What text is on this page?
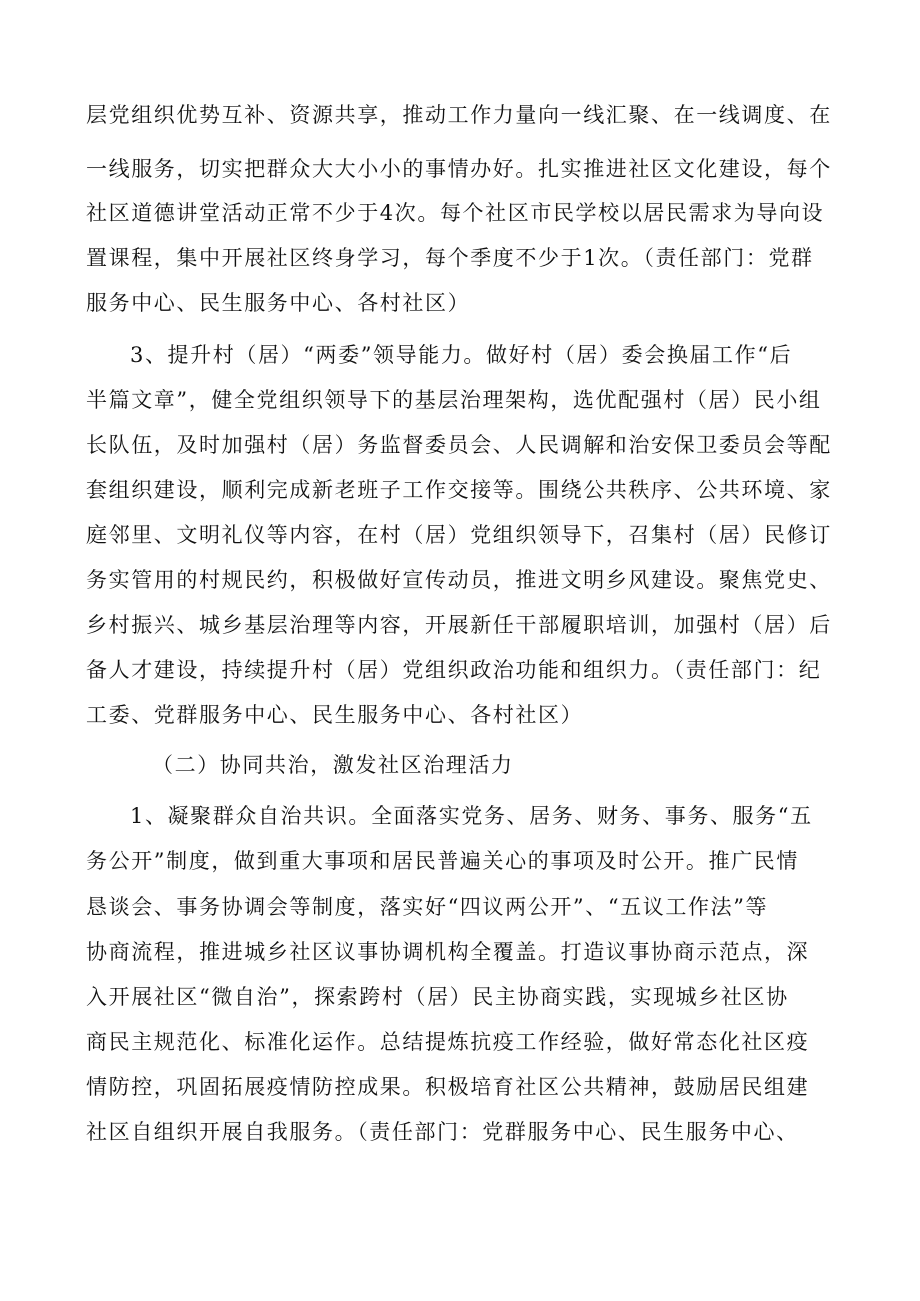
层党组织优势互补、资源共享，推动工作力量向一线汇聚、在一线调度、在
一线服务，切实把群众大大小小的事情办好。扎实推进社区文化建设，每个
社区道德讲堂活动正常不少于4次。每个社区市民学校以居民需求为导向设
置课程，集中开展社区终身学习，每个季度不少于1次。（责任部门：党群
服务中心、民生服务中心、各村社区）
3、提升村（居）“两委”领导能力。做好村（居）委会换届工作“后
半篇文章”，健全党组织领导下的基层治理架构，选优配强村（居）民小组
长队伍，及时加强村（居）务监督委员会、人民调解和治安保卫委员会等配
套组织建设，顺利完成新老班子工作交接等。围绕公共秩序、公共环境、家
庭邻里、文明礼仪等内容，在村（居）党组织领导下，召集村（居）民修订
务实管用的村规民约，积极做好宣传动员，推进文明乡风建设。聚焦党史、
乡村振兴、城乡基层治理等内容，开展新任干部履职培训，加强村（居）后
备人才建设，持续提升村（居）党组织政治功能和组织力。（责任部门：纪
工委、党群服务中心、民生服务中心、各村社区）
（二）协同共治，激发社区治理活力
1、凝聚群众自治共识。全面落实党务、居务、财务、事务、服务“五
务公开”制度，做到重大事项和居民普遍关心的事项及时公开。推广民情
恳谈会、事务协调会等制度，落实好“四议两公开”、“五议工作法”等
协商流程，推进城乡社区议事协调机构全覆盖。打造议事协商示范点，深
入开展社区“微自治”，探索跨村（居）民主协商实践，实现城乡社区协
商民主规范化、标准化运作。总结提炼抗疫工作经验，做好常态化社区疫
情防控，巩固拓展疫情防控成果。积极培育社区公共精神，鼓励居民组建
社区自组织开展自我服务。（责任部门：党群服务中心、民生服务中心、
